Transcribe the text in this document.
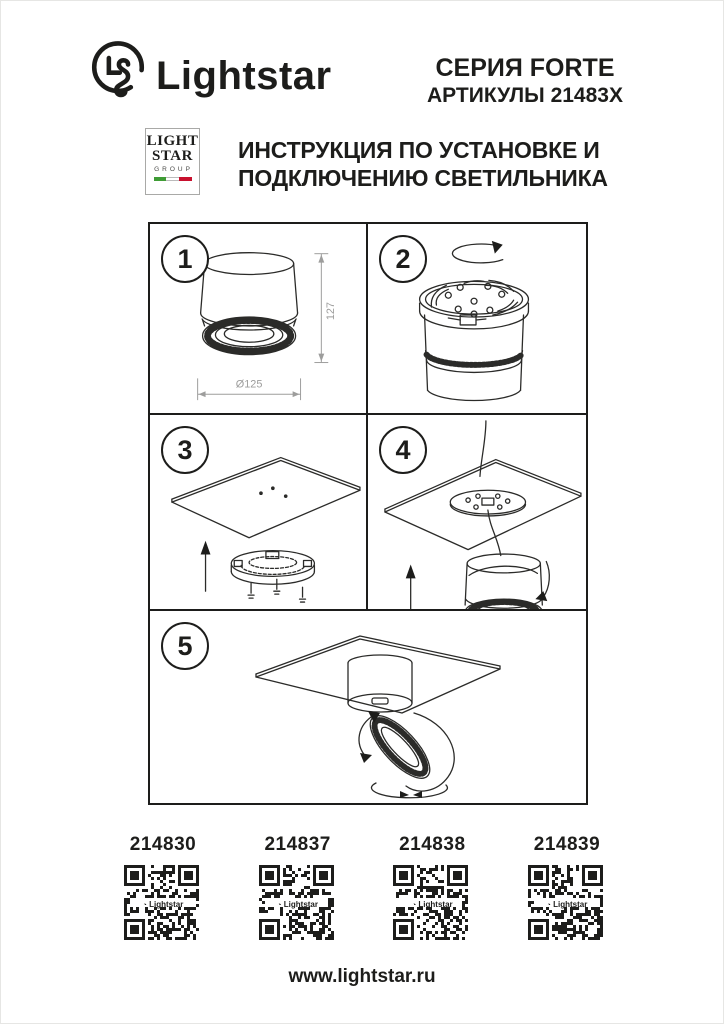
Lightstar	СЕРИЯ FORTE
АРТИКУЛЫ 21483X
LIGHT
STAR
GROUP
ИНСТРУКЦИЯ ПО УСТАНОВКЕ И
ПОДКЛЮЧЕНИЮ СВЕТИЛЬНИКА
1
127
Ø125
2
3	4
5
214830
◔ Lightstar
214837
◔ Lightstar
214838
◔ Lightstar
214839
◔ Lightstar
www.lightstar.ru
